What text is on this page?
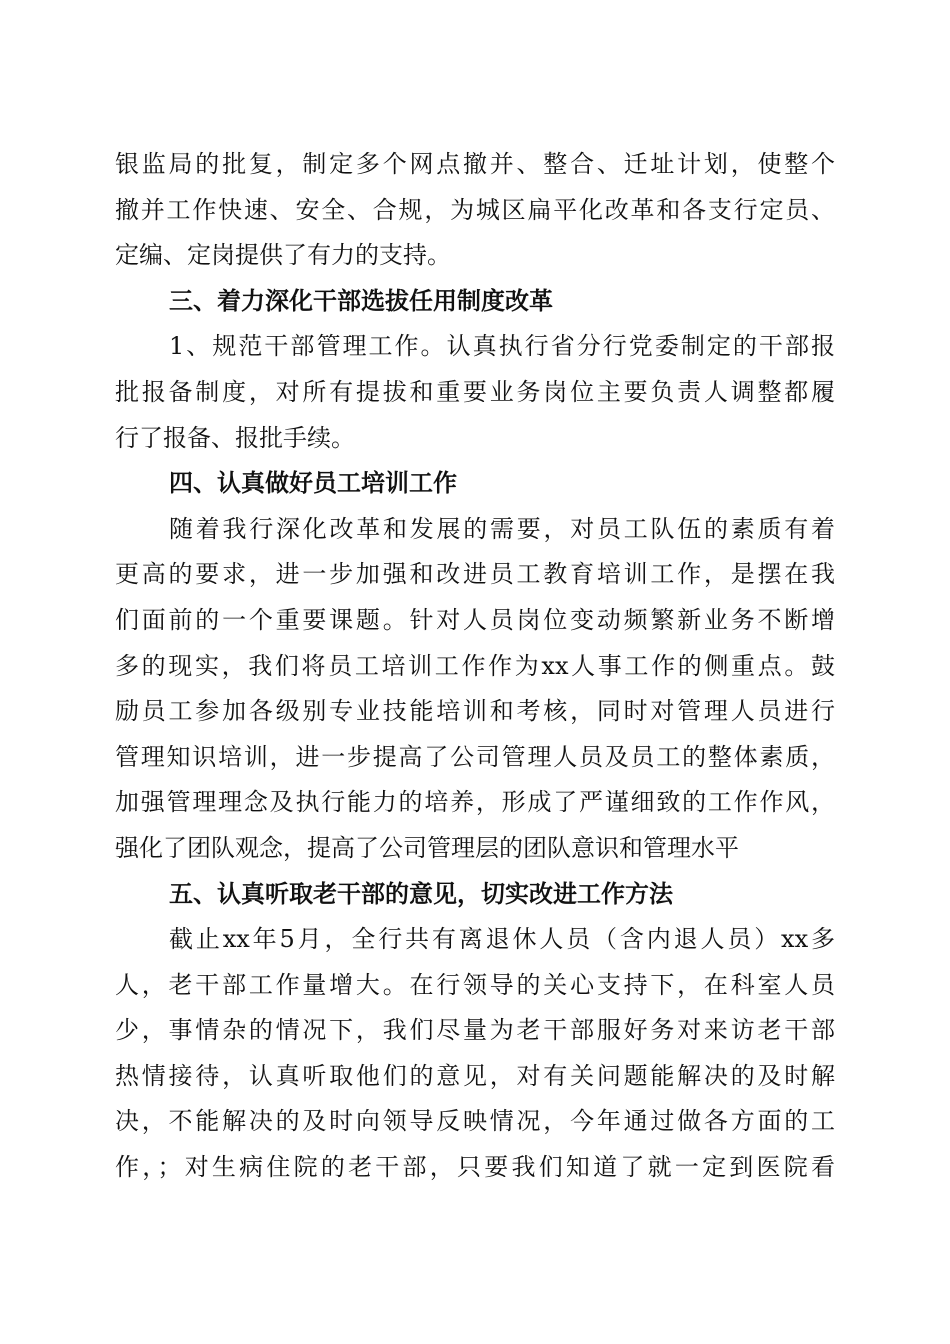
银监局的批复，制定多个网点撤并、整合、迁址计划，使整个
撤并工作快速、安全、合规，为城区扁平化改革和各支行定员、
定编、定岗提供了有力的支持。
三、着力深化干部选拔任用制度改革
1、规范干部管理工作。认真执行省分行党委制定的干部报
批报备制度，对所有提拔和重要业务岗位主要负责人调整都履
行了报备、报批手续。
四、认真做好员工培训工作
随着我行深化改革和发展的需要，对员工队伍的素质有着
更高的要求，进一步加强和改进员工教育培训工作，是摆在我
们面前的一个重要课题。针对人员岗位变动频繁新业务不断增
多的现实，我们将员工培训工作作为xx人事工作的侧重点。鼓
励员工参加各级别专业技能培训和考核，同时对管理人员进行
管理知识培训，进一步提高了公司管理人员及员工的整体素质，
加强管理理念及执行能力的培养，形成了严谨细致的工作作风，
强化了团队观念，提高了公司管理层的团队意识和管理水平
五、认真听取老干部的意见，切实改进工作方法
截止xx年5月，全行共有离退休人员（含内退人员）xx多
人，老干部工作量增大。在行领导的关心支持下，在科室人员
少，事情杂的情况下，我们尽量为老干部服好务对来访老干部
热情接待，认真听取他们的意见，对有关问题能解决的及时解
决，不能解决的及时向领导反映情况，今年通过做各方面的工
作，；对生病住院的老干部，只要我们知道了就一定到医院看
